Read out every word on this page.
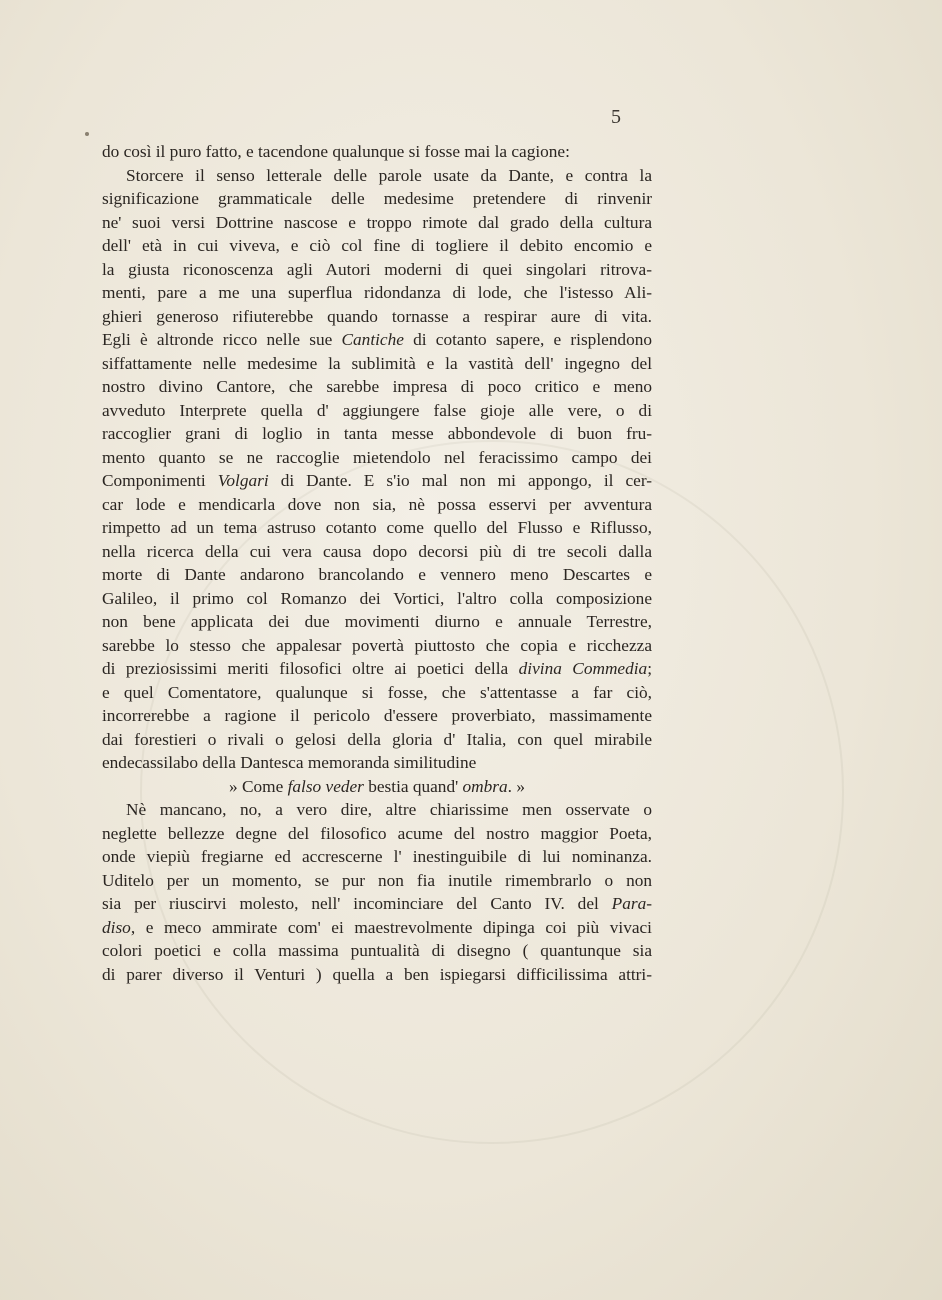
5
do così il puro fatto, e tacendone qualunque si fosse mai la cagione:
Storcere il senso letterale delle parole usate da Dante, e contra la
significazione grammaticale delle medesime pretendere di rinvenir
ne' suoi versi Dottrine nascose e troppo rimote dal grado della cultura
dell' età in cui viveva, e ciò col fine di togliere il debito encomio e
la giusta riconoscenza agli Autori moderni di quei singolari ritrova-
menti, pare a me una superflua ridondanza di lode, che l'istesso Ali-
ghieri generoso rifiuterebbe quando tornasse a respirar aure di vita.
Egli è altronde ricco nelle sue Cantiche di cotanto sapere, e risplendono
siffattamente nelle medesime la sublimità e la vastità dell' ingegno del
nostro divino Cantore, che sarebbe impresa di poco critico e meno
avveduto Interprete quella d' aggiungere false gioje alle vere, o di
raccoglier grani di loglio in tanta messe abbondevole di buon fru-
mento quanto se ne raccoglie mietendolo nel feracissimo campo dei
Componimenti Volgari di Dante. E s'io mal non mi appongo, il cer-
car lode e mendicarla dove non sia, nè possa esservi per avventura
rimpetto ad un tema astruso cotanto come quello del Flusso e Riflusso,
nella ricerca della cui vera causa dopo decorsi più di tre secoli dalla
morte di Dante andarono brancolando e vennero meno Descartes e
Galileo, il primo col Romanzo dei Vortici, l'altro colla composizione
non bene applicata dei due movimenti diurno e annuale Terrestre,
sarebbe lo stesso che appalesar povertà piuttosto che copia e ricchezza
di preziosissimi meriti filosofici oltre ai poetici della divina Commedia;
e quel Comentatore, qualunque si fosse, che s'attentasse a far ciò,
incorrerebbe a ragione il pericolo d'essere proverbiato, massimamente
dai forestieri o rivali o gelosi della gloria d' Italia, con quel mirabile
endecassilabo della Dantesca memoranda similitudine
» Come falso veder bestia quand' ombra. »
Nè mancano, no, a vero dire, altre chiarissime men osservate o
neglette bellezze degne del filosofico acume del nostro maggior Poeta,
onde viepiù fregiarne ed accrescerne l' inestinguibile di lui nominanza.
Uditelo per un momento, se pur non fia inutile rimembrarlo o non
sia per riuscirvi molesto, nell' incominciare del Canto IV. del Para-
diso, e meco ammirate com' ei maestrevolmente dipinga coi più vivaci
colori poetici e colla massima puntualità di disegno ( quantunque sia
di parer diverso il Venturi ) quella a ben ispiegarsi difficilissima attri-
